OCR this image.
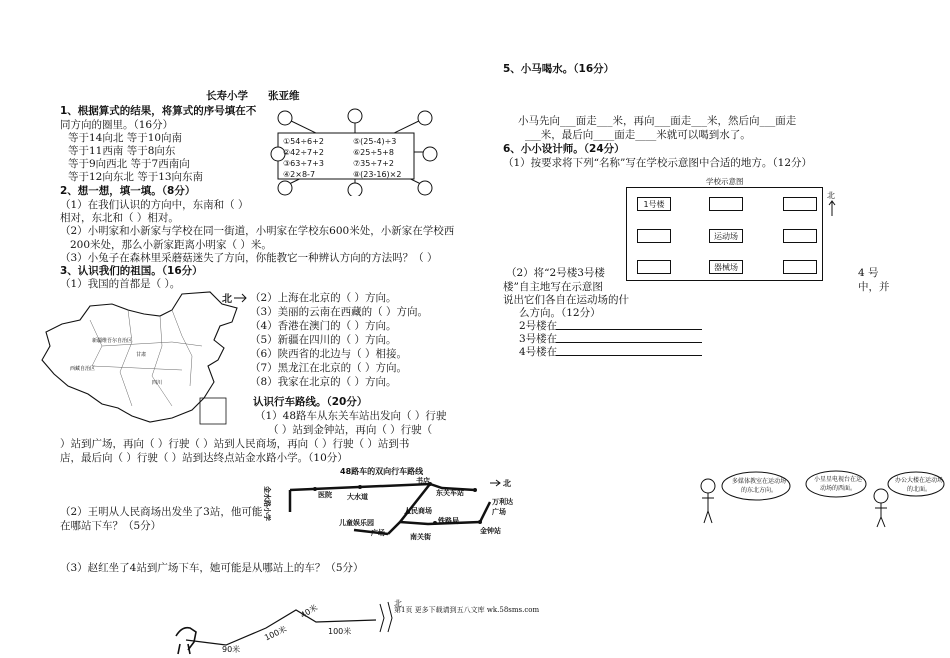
长寿小学 张亚维
1、根据算式的结果，将算式的序号填在不
同方向的圈里。（16分）
等于14向北 等于10向南
等于11西南 等于8向东
等于9向西北 等于7西南向
等于12向东北 等于13向东南
①54÷6+2	⑤(25-4)÷3
②42÷7+2	⑥25÷5+8
③63÷7+3	⑦35÷7+2
④2×8-7	⑧(23-16)×2
2、想一想，填一填。（8分）
（1）在我们认识的方向中，东南和（ ）
相对，东北和（ ）相对。
（2）小明家和小新家与学校在同一街道，小明家在学校东600米处，小新家在学校西
200米处，那么小新家距离小明家（ ）米。
（3）小兔子在森林里采蘑菇迷失了方向，你能教它一种辨认方向的方法吗？（ ）
3、认识我们的祖国。（16分）
（1）我国的首都是（ ）。
新疆维吾尔自治区
西藏自治区
甘肃
四川
北 （2）上海在北京的（ ）方向。
（3）美丽的云南在西藏的（ ）方向。
（4）香港在澳门的（ ）方向。
（5）新疆在四川的（ ）方向。
（6）陕西省的北边与（ ）相接。
（7）黑龙江在北京的（ ）方向。
（8）我家在北京的（ ）方向。
认识行车路线。（20分）
（1）48路车从东关车站出发向（ ）行驶
（ ）站到金钟站，再向（ ）行驶（
）站到广场，再向（ ）行驶（ ）站到人民商场，再向（ ）行驶（ ）站到书
店，最后向（ ）行驶（ ）站到达终点站金水路小学。（10分）
48路车的双向行车路线
北
金水路小学	医院 大水道
书店
东关车站
万利达广场
人民商场
儿童娱乐园	铁路局
广场	南关街
金钟站
（2）王明从人民商场出发坐了3站，他可能
在哪站下车？（5分）
（3）赵红坐了4站到广场下车，她可能是从哪站上的车？（5分）
90米
100米
40米
100米
北
第1页 更多下载请到五八文库 wk.58sms.com
5、小马喝水。（16分）
小马先向___面走___米，再向___面走___米，然后向___面走
___米，最后向____面走____米就可以喝到水了。
6、小小设计师。（24分）
（1）按要求将下列“名称”写在学校示意图中合适的地方。（12分）
学校示意图
北
1号楼
运动场
器械场
（2）将“2号楼3号楼	4 号
楼”自主地写在示意图	中，并
说出它们各自在运动场的什
么方向。（12分）
2号楼在
3号楼在
4号楼在
多媒体教室在运动场的东北方向。
小星星电视台在运动场的西面。
办公大楼在运动场的北面。
